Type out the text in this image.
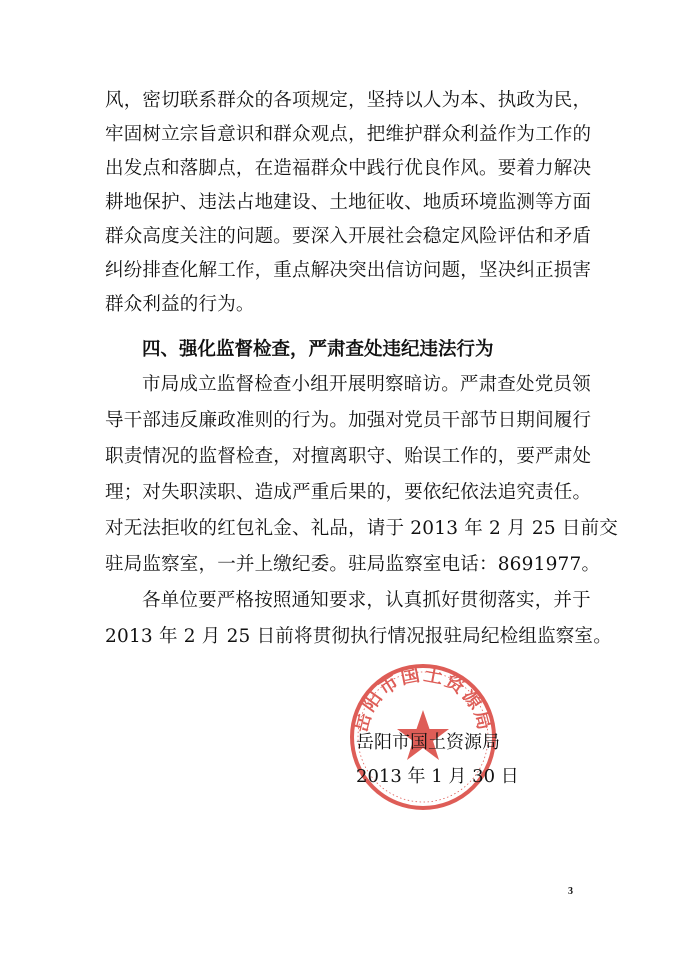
风，密切联系群众的各项规定，坚持以人为本、执政为民，
牢固树立宗旨意识和群众观点，把维护群众利益作为工作的
出发点和落脚点，在造福群众中践行优良作风。要着力解决
耕地保护、违法占地建设、土地征收、地质环境监测等方面
群众高度关注的问题。要深入开展社会稳定风险评估和矛盾
纠纷排查化解工作，重点解决突出信访问题，坚决纠正损害
群众利益的行为。
四、强化监督检查，严肃查处违纪违法行为
市局成立监督检查小组开展明察暗访。严肃查处党员领
导干部违反廉政准则的行为。加强对党员干部节日期间履行
职责情况的监督检查，对擅离职守、贻误工作的，要严肃处
理；对失职渎职、造成严重后果的，要依纪依法追究责任。
对无法拒收的红包礼金、礼品，请于 2013 年 2 月 25 日前交
驻局监察室，一并上缴纪委。驻局监察室电话：8691977。
各单位要严格按照通知要求，认真抓好贯彻落实，并于
2013 年 2 月 25 日前将贯彻执行情况报驻局纪检组监察室。
岳阳市国土资源局
岳阳市国土资源局
2013 年 1 月 30 日
3
